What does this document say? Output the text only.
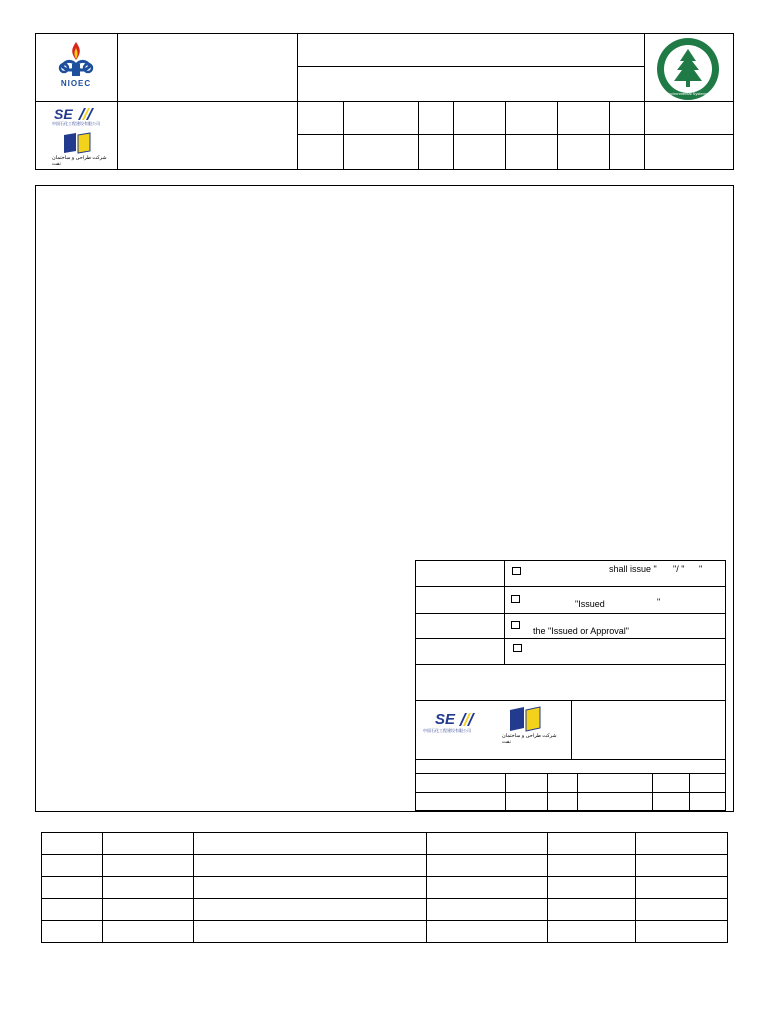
NIOEC
SE
中国石化工程建设有限公司
شرکت طراحی و ساختمان نفت
Environmental Systems
shall issue " "/ " "
"Issued	"
the "Issued or Approval"
SE
中国石化工程建设有限公司
شرکت طراحی و ساختمان نفت
